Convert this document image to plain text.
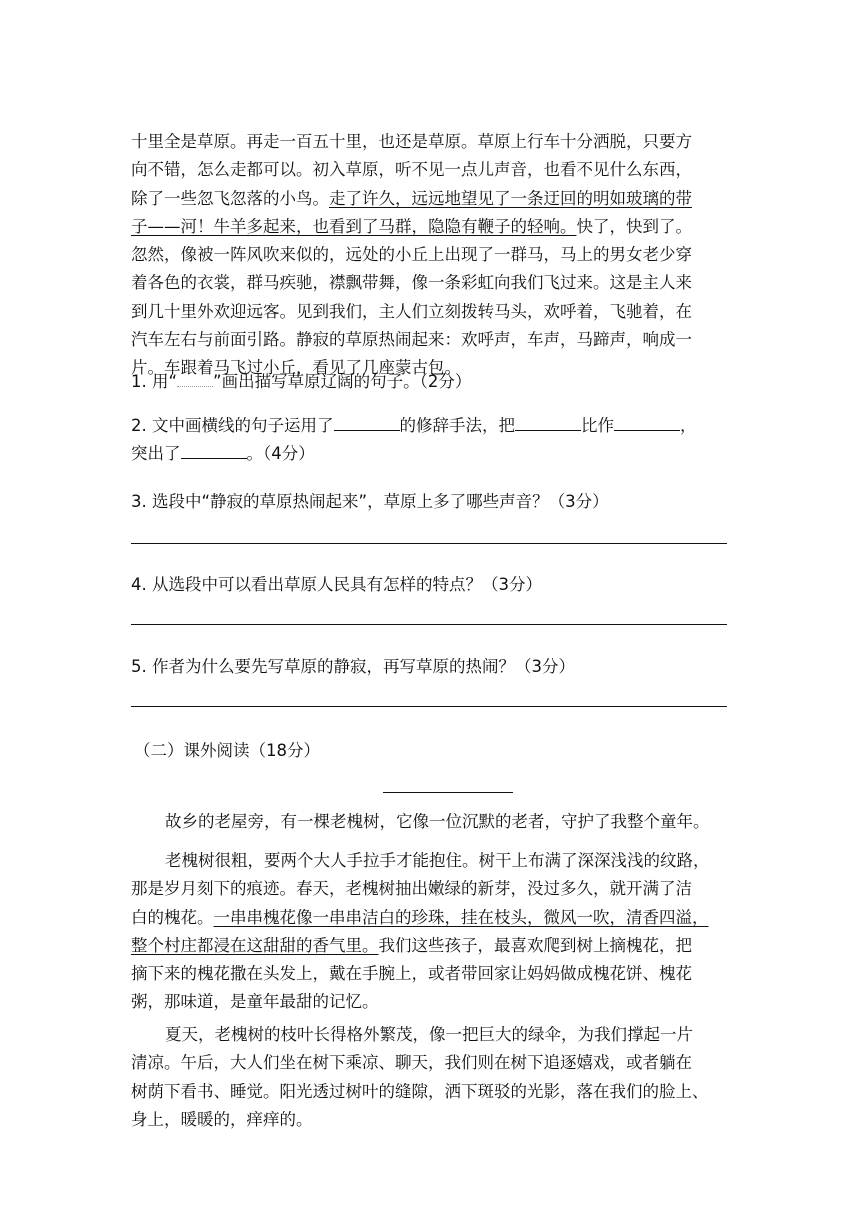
十里全是草原。再走一百五十里，也还是草原。草原上行车十分洒脱，只要方
向不错，怎么走都可以。初入草原，听不见一点儿声音，也看不见什么东西，
除了一些忽飞忽落的小鸟。走了许久，远远地望见了一条迂回的明如玻璃的带
子——河！牛羊多起来，也看到了马群，隐隐有鞭子的轻响。快了，快到了。
忽然，像被一阵风吹来似的，远处的小丘上出现了一群马，马上的男女老少穿
着各色的衣裳，群马疾驰，襟飘带舞，像一条彩虹向我们飞过来。这是主人来
到几十里外欢迎远客。见到我们，主人们立刻拨转马头，欢呼着，飞驰着，在
汽车左右与前面引路。静寂的草原热闹起来：欢呼声，车声，马蹄声，响成一
片。车跟着马飞过小丘，看见了几座蒙古包。

1. 用“ ”画出描写草原辽阔的句子。（2分）

2. 文中画横线的句子运用了	的修辞手法，把	比作	，

突出了	。（4分）

3. 选段中“静寂的草原热闹起来”，草原上多了哪些声音？（3分）

4. 从选段中可以看出草原人民具有怎样的特点？（3分）

5. 作者为什么要先写草原的静寂，再写草原的热闹？（3分）

（二）课外阅读（18分）

故乡的老屋旁，有一棵老槐树，它像一位沉默的老者，守护了我整个童年。
老槐树很粗，要两个大人手拉手才能抱住。树干上布满了深深浅浅的纹路，
那是岁月刻下的痕迹。春天，老槐树抽出嫩绿的新芽，没过多久，就开满了洁
白的槐花。一串串槐花像一串串洁白的珍珠，挂在枝头，微风一吹，清香四溢，
整个村庄都浸在这甜甜的香气里。我们这些孩子，最喜欢爬到树上摘槐花，把
摘下来的槐花撒在头发上，戴在手腕上，或者带回家让妈妈做成槐花饼、槐花
粥，那味道，是童年最甜的记忆。
夏天，老槐树的枝叶长得格外繁茂，像一把巨大的绿伞，为我们撑起一片
清凉。午后，大人们坐在树下乘凉、聊天，我们则在树下追逐嬉戏，或者躺在
树荫下看书、睡觉。阳光透过树叶的缝隙，洒下斑驳的光影，落在我们的脸上、
身上，暖暖的，痒痒的。
